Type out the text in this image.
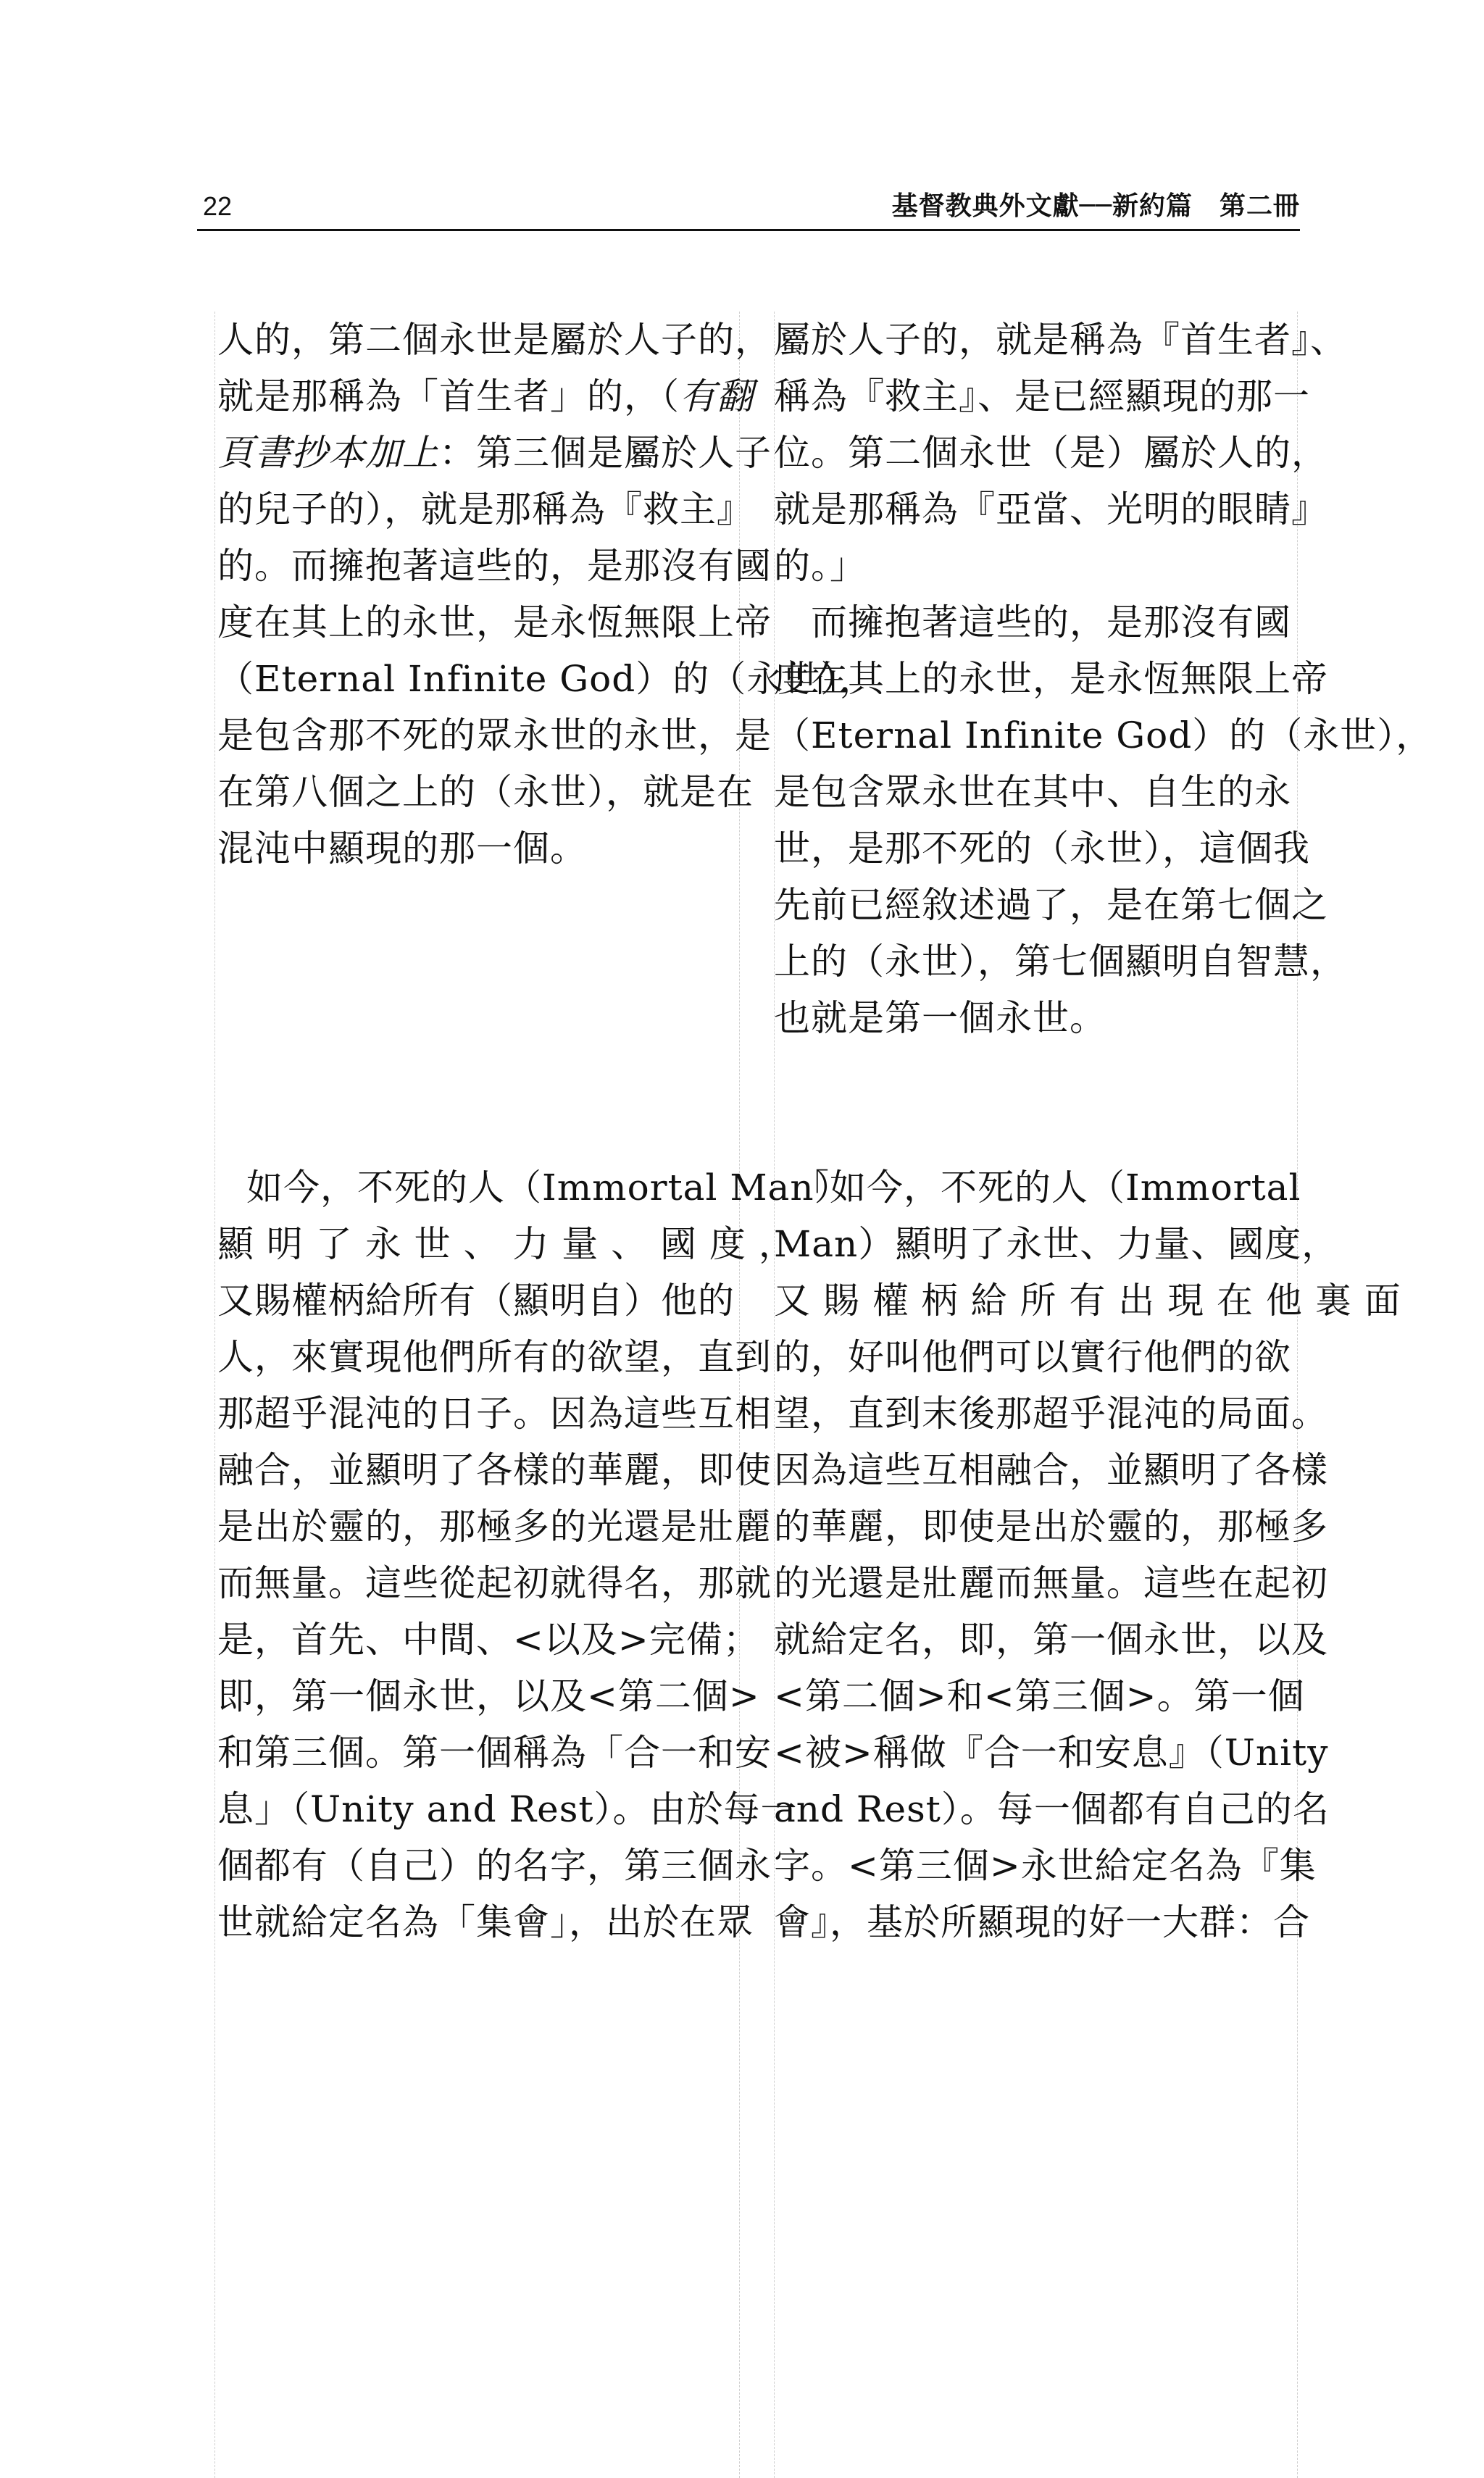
22	基督教典外文獻──新約篇　第二冊
人的，第二個永世是屬於人子的，
就是那稱為「首生者」的，（有翻
頁書抄本加上：第三個是屬於人子
的兒子的），就是那稱為『救主』
的。而擁抱著這些的，是那沒有國
度在其上的永世，是永恆無限上帝
（Eternal Infinite God）的（永世），
是包含那不死的眾永世的永世，是
在第八個之上的（永世），就是在
混沌中顯現的那一個。
如今，不死的人（Immortal Man）
顯 明 了 永 世 、 力 量 、 國 度 ，
又賜權柄給所有（顯明自）他的
人，來實現他們所有的欲望，直到
那超乎混沌的日子。因為這些互相
融合，並顯明了各樣的華麗，即使
是出於靈的，那極多的光還是壯麗
而無量。這些從起初就得名，那就
是，首先、中間、<以及>完備；
即，第一個永世，以及<第二個>
和第三個。第一個稱為「合一和安
息」（Unity and Rest）。由於每一
個都有（自己）的名字，第三個永
世就給定名為「集會」，出於在眾
屬於人子的，就是稱為『首生者』、
稱為『救主』、是已經顯現的那一
位。第二個永世（是）屬於人的，
就是那稱為『亞當、光明的眼睛』
的。」
　而擁抱著這些的，是那沒有國
度在其上的永世，是永恆無限上帝
（Eternal Infinite God）的（永世），
是包含眾永世在其中、自生的永
世，是那不死的（永世），這個我
先前已經敘述過了，是在第七個之
上的（永世），第七個顯明自智慧，
也就是第一個永世。
　「如今，不死的人（Immortal
Man）顯明了永世、力量、國度，
又 賜 權 柄 給 所 有 出 現 在 他 裏 面
的，好叫他們可以實行他們的欲
望，直到末後那超乎混沌的局面。
因為這些互相融合，並顯明了各樣
的華麗，即使是出於靈的，那極多
的光還是壯麗而無量。這些在起初
就給定名，即，第一個永世，以及
<第二個>和<第三個>。第一個
<被>稱做『合一和安息』（Unity
and Rest）。每一個都有自己的名
字。<第三個>永世給定名為『集
會』，基於所顯現的好一大群：合
